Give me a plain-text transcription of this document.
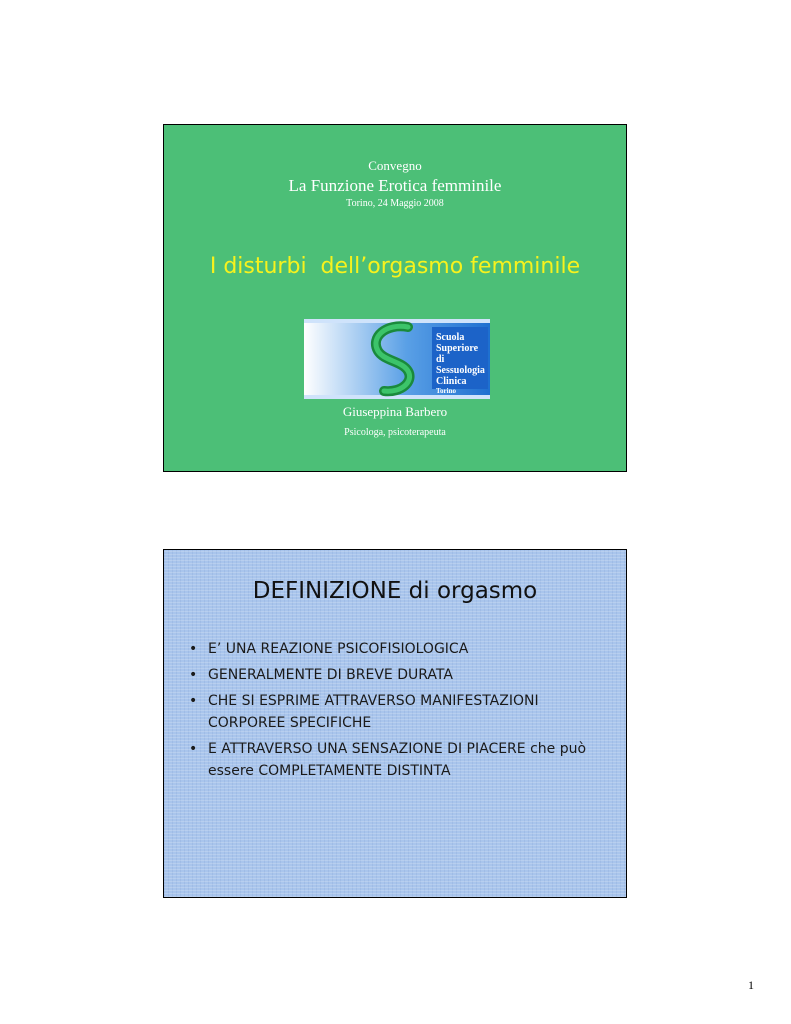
Convegno
La Funzione Erotica femminile
Torino, 24 Maggio 2008
I disturbi  dell’orgasmo femminile
Scuola
Superiore di
Sessuologia
Clinica
Torino
Giuseppina Barbero
Psicologa, psicoterapeuta
DEFINIZIONE di orgasmo
• E’ UNA REAZIONE PSICOFISIOLOGICA
• GENERALMENTE DI BREVE DURATA
• CHE SI ESPRIME ATTRAVERSO MANIFESTAZIONI CORPOREE SPECIFICHE
• E ATTRAVERSO UNA SENSAZIONE DI PIACERE che può essere COMPLETAMENTE DISTINTA
1
